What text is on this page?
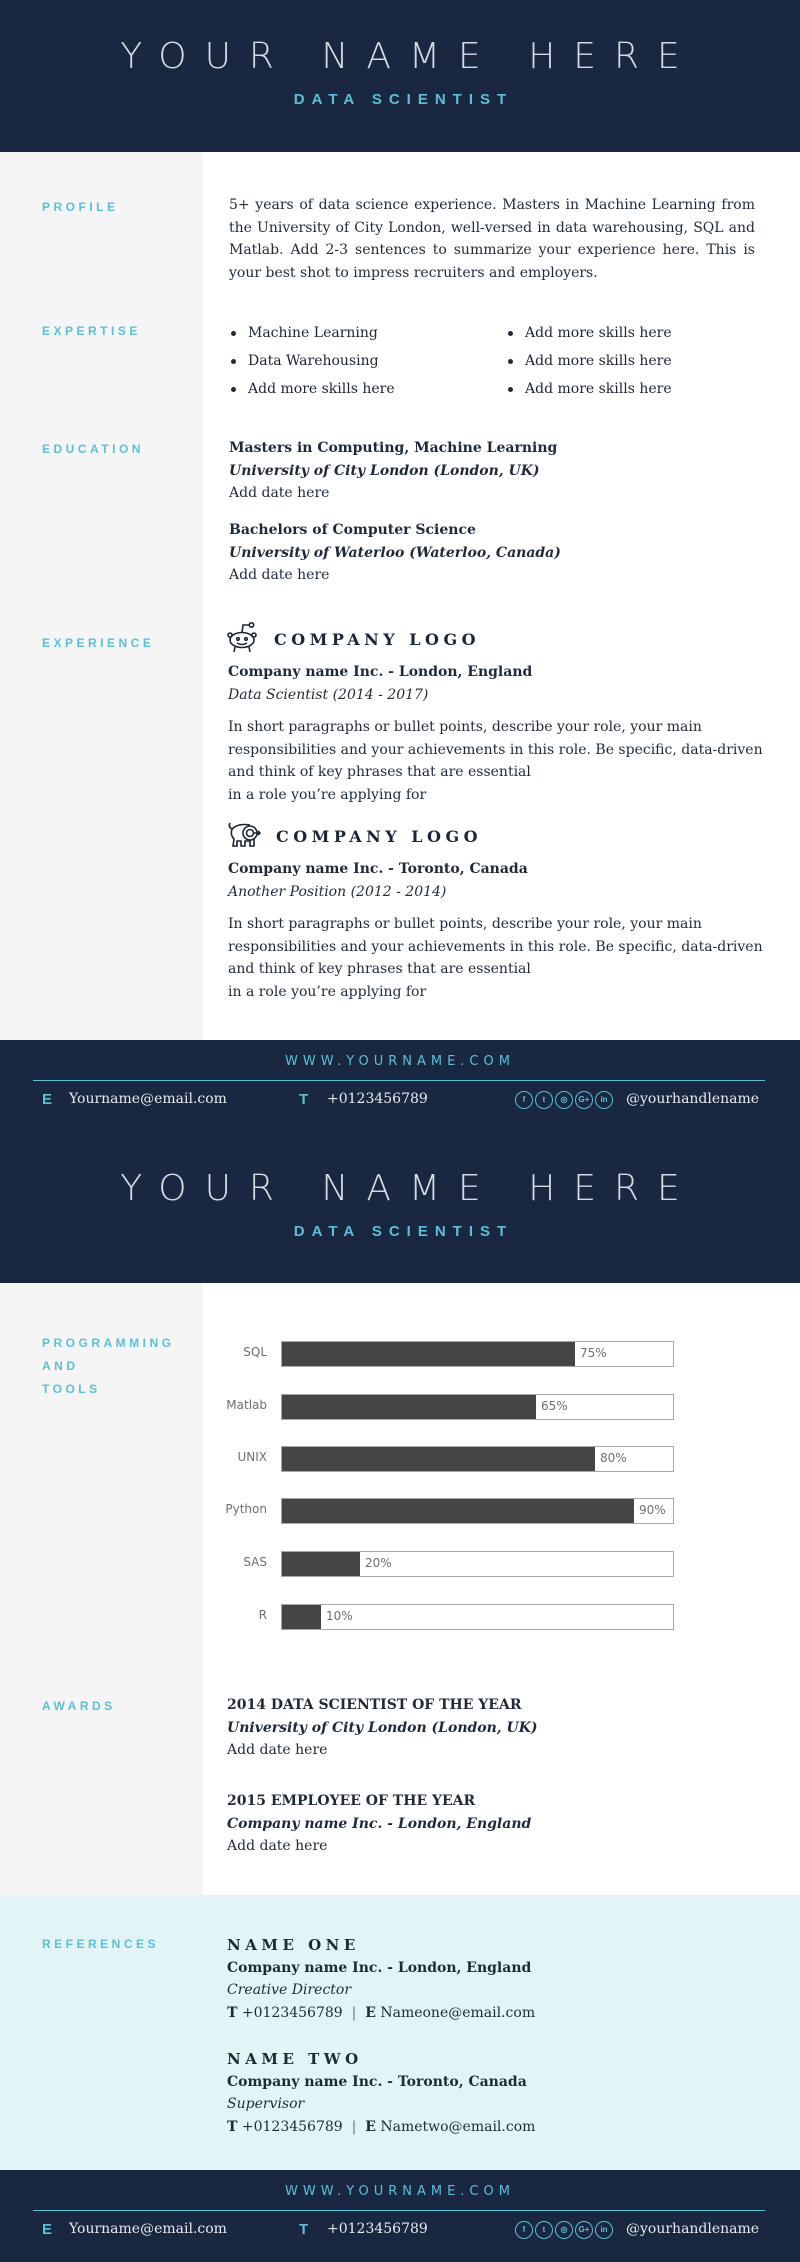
YOUR NAME HERE
DATA SCIENTIST
PROFILE	5+ years of data science experience. Masters in Machine Learning from the University of City London, well-versed in data warehousing, SQL and Matlab. Add 2-3 sentences to summarize your experience here. This is your best shot to impress recruiters and employers.
EXPERTISE	Machine Learning
Data Warehousing
Add more skills here
Add more skills here
Add more skills here
Add more skills here
EDUCATION	Masters in Computing, Machine Learning
University of City London (London, UK)
Add date here
Bachelors of Computer Science
University of Waterloo (Waterloo, Canada)
Add date here
EXPERIENCE	COMPANY LOGO
Company name Inc. - London, England
Data Scientist (2014 - 2017)
In short paragraphs or bullet points, describe your role, your main
responsibilities and your achievements in this role. Be specific, data-driven
and think of key phrases that are essential
in a role you’re applying for
COMPANY LOGO
Company name Inc. - Toronto, Canada
Another Position (2012 - 2014)
In short paragraphs or bullet points, describe your role, your main
responsibilities and your achievements in this role. Be specific, data-driven
and think of key phrases that are essential
in a role you’re applying for
WWW.YOURNAME.COM
E Yourname@email.com	T +0123456789	f	t	◎	G+	in	@yourhandlename
YOUR NAME HERE
DATA SCIENTIST
PROGRAMMING
AND
TOOLS
SQL	75%
Matlab	65%
UNIX	80%
Python	90%
SAS	20%
R	10%
AWARDS	2014 DATA SCIENTIST OF THE YEAR
University of City London (London, UK)
Add date here
2015 EMPLOYEE OF THE YEAR
Company name Inc. - London, England
Add date here
REFERENCES	NAME ONE
Company name Inc. - London, England
Creative Director
T +0123456789 | E Nameone@email.com
NAME TWO
Company name Inc. - Toronto, Canada
Supervisor
T +0123456789 | E Nametwo@email.com
WWW.YOURNAME.COM
E Yourname@email.com	T +0123456789	f	t	◎	G+	in	@yourhandlename
